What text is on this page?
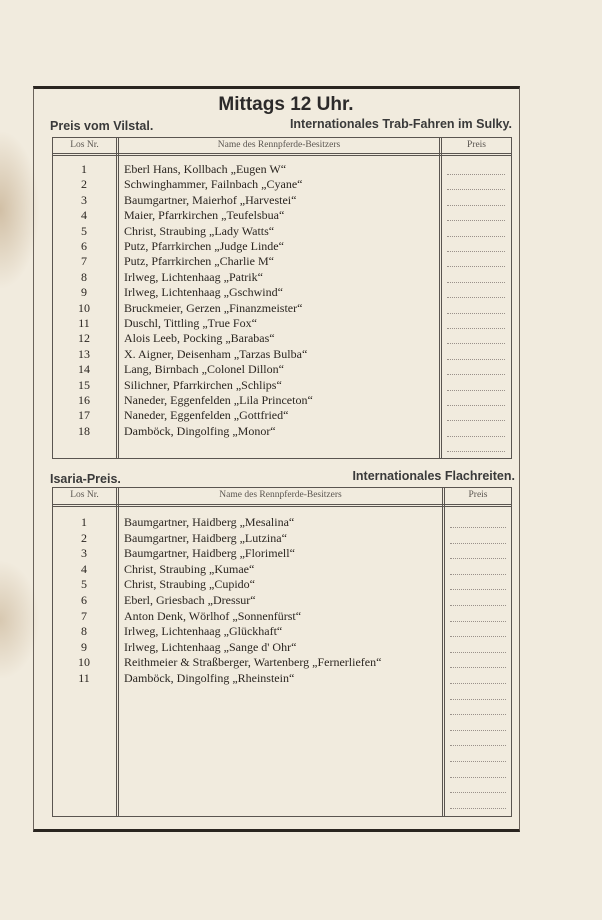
Mittags 12 Uhr.
Preis vom Vilstal.	Internationales Trab-Fahren im Sulky.
Los Nr.	Name des Rennpferde-Besitzers	Preis
1	Eberl Hans, Kollbach „Eugen W“
2	Schwinghammer, Failnbach „Cyane“
3	Baumgartner, Maierhof „Harvestei“
4	Maier, Pfarrkirchen „Teufelsbua“
5	Christ, Straubing „Lady Watts“
6	Putz, Pfarrkirchen „Judge Linde“
7	Putz, Pfarrkirchen „Charlie M“
8	Irlweg, Lichtenhaag „Patrik“
9	Irlweg, Lichtenhaag „Gschwind“
10	Bruckmeier, Gerzen „Finanzmeister“
11	Duschl, Tittling „True Fox“
12	Alois Leeb, Pocking „Barabas“
13	X. Aigner, Deisenham „Tarzas Bulba“
14	Lang, Birnbach „Colonel Dillon“
15	Silichner, Pfarrkirchen „Schlips“
16	Naneder, Eggenfelden „Lila Princeton“
17	Naneder, Eggenfelden „Gottfried“
18	Damböck, Dingolfing „Monor“
Isaria-Preis.	Internationales Flachreiten.
Los Nr.	Name des Rennpferde-Besitzers	Preis
1	Baumgartner, Haidberg „Mesalina“
2	Baumgartner, Haidberg „Lutzina“
3	Baumgartner, Haidberg „Florimell“
4	Christ, Straubing „Kumae“
5	Christ, Straubing „Cupido“
6	Eberl, Griesbach „Dressur“
7	Anton Denk, Wörlhof „Sonnenfürst“
8	Irlweg, Lichtenhaag „Glückhaft“
9	Irlweg, Lichtenhaag „Sange d' Ohr“
10	Reithmeier & Straßberger, Wartenberg „Fernerliefen“
11	Damböck, Dingolfing „Rheinstein“
